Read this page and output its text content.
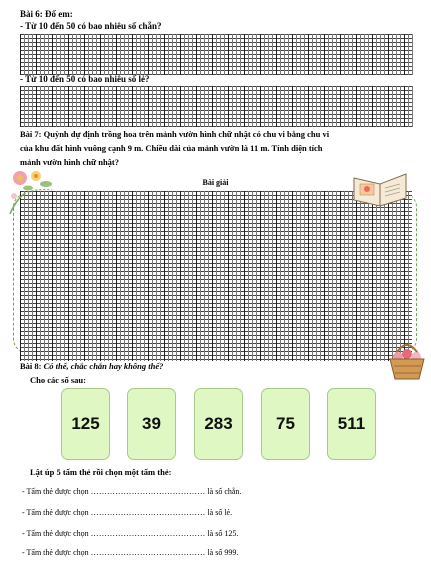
Bài 6: Đố em:
- Từ 10 đến 50 có bao nhiêu số chẵn?
- Từ 10 đến 50 có bao nhiêu số lẻ?
Bài 7: Quỳnh dự định trồng hoa trên mảnh vườn hình chữ nhật có chu vi bằng chu vi
của khu đất hình vuông cạnh 9 m. Chiều dài của mảnh vườn là 11 m. Tính diện tích
mảnh vườn hình chữ nhật?
Bài giải
Bài 8: Có thể, chắc chắn hay không thể?
Cho các số sau:
125	39	283	75	511
Lật úp 5 tấm thẻ rồi chọn một tấm thẻ:
- Tấm thẻ được chọn …………………………………… là số chẵn.
- Tấm thẻ được chọn …………………………………… là số lẻ.
- Tấm thẻ được chọn …………………………………… là số 125.
- Tấm thẻ được chọn …………………………………… là số 999.
